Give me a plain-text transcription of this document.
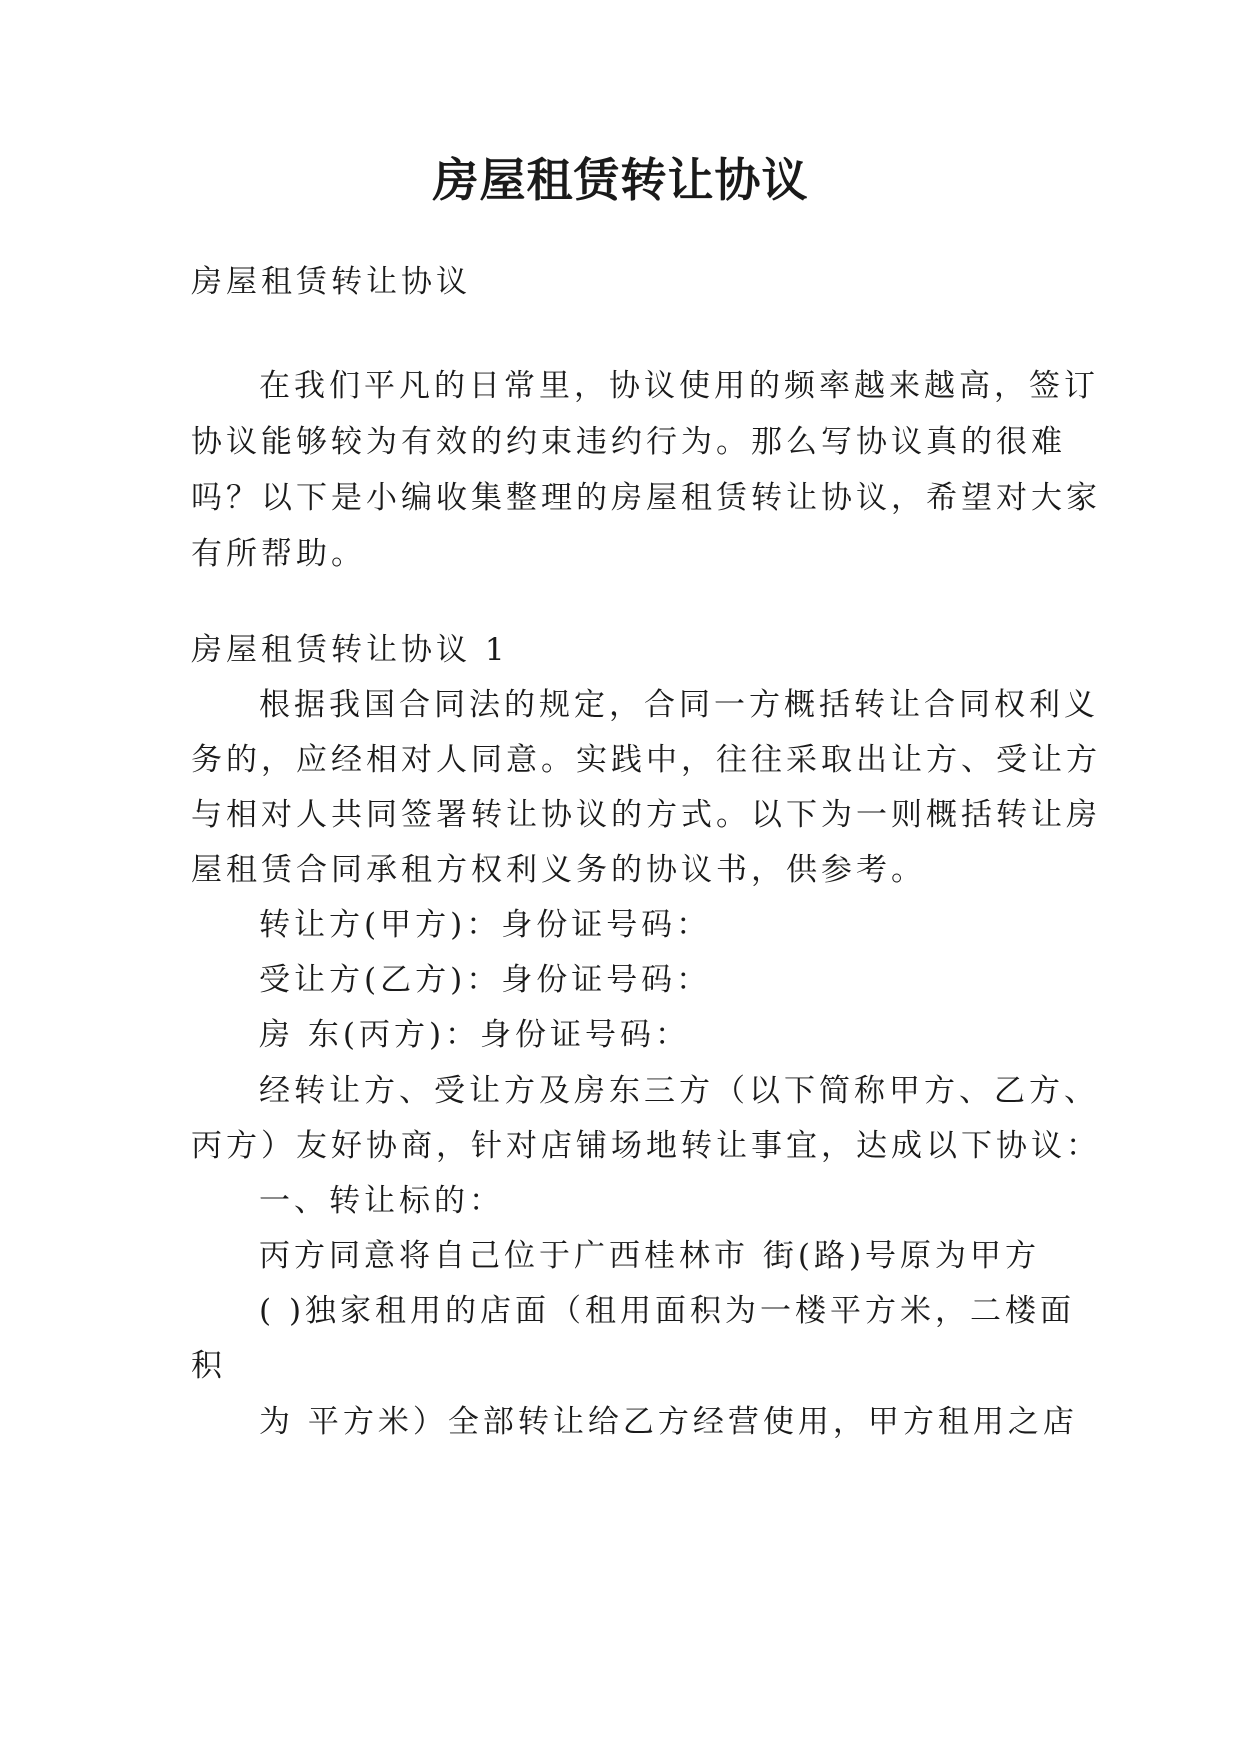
房屋租赁转让协议
房屋租赁转让协议
在我们平凡的日常里，协议使用的频率越来越高，签订
协议能够较为有效的约束违约行为。那么写协议真的很难
吗？以下是小编收集整理的房屋租赁转让协议，希望对大家
有所帮助。
房屋租赁转让协议 1
根据我国合同法的规定，合同一方概括转让合同权利义
务的，应经相对人同意。实践中，往往采取出让方、受让方
与相对人共同签署转让协议的方式。以下为一则概括转让房
屋租赁合同承租方权利义务的协议书，供参考。
转让方(甲方)：身份证号码：
受让方(乙方)：身份证号码：
房 东(丙方)：身份证号码：
经转让方、受让方及房东三方（以下简称甲方、乙方、
丙方）友好协商，针对店铺场地转让事宜，达成以下协议：
一、转让标的：
丙方同意将自己位于广西桂林市 街(路)号原为甲方
( )独家租用的店面（租用面积为一楼平方米，二楼面
积
为 平方米）全部转让给乙方经营使用，甲方租用之店
